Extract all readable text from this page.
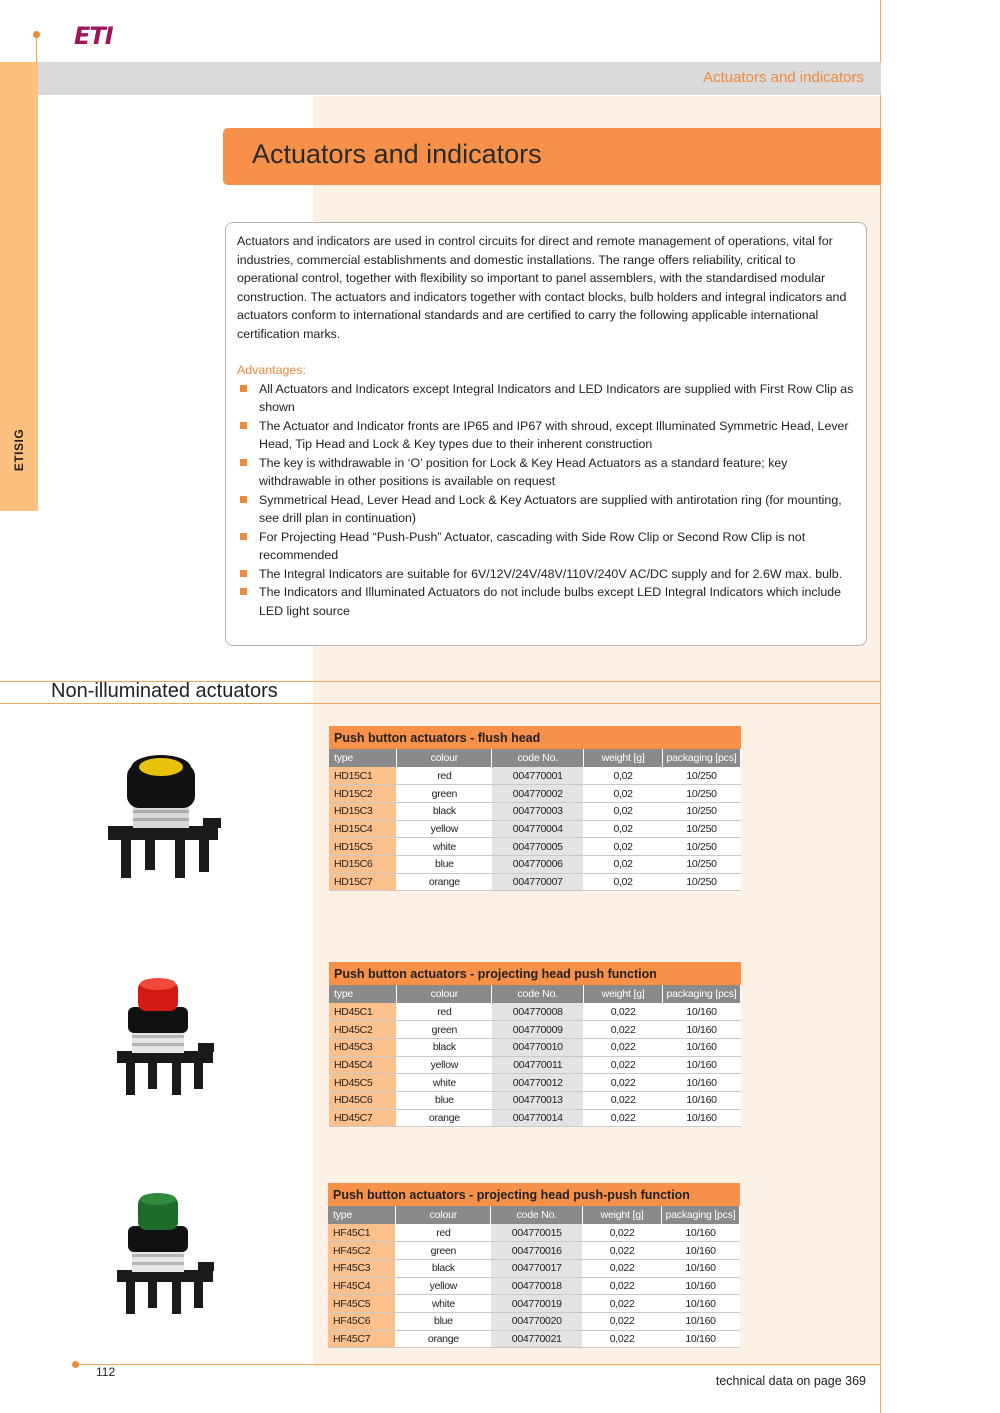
ETISIG
ETI
Actuators and indicators
Actuators and indicators

Actuators and indicators are used in control circuits for direct and remote management of operations, vital for industries, commercial establishments and domestic installations. The range offers reliability, critical to operational control, together with flexibility so important to panel assemblers, with the standardised modular construction. The actuators and indicators together with contact blocks, bulb holders and integral indicators and actuators conform to international standards and are certified to carry the following applicable international certification marks.

Advantages:
All Actuators and Indicators except Integral Indicators and LED Indicators are supplied with First Row Clip as shown
The Actuator and Indicator fronts are IP65 and IP67 with shroud, except Illuminated Symmetric Head, Lever Head, Tip Head and Lock & Key types due to their inherent construction
The key is withdrawable in ‘O’ position for Lock & Key Head Actuators as a standard feature; key withdrawable in other positions is available on request
Symmetrical Head, Lever Head and Lock & Key Actuators are supplied with antirotation ring (for mounting, see drill plan in continuation)
For Projecting Head “Push-Push” Actuator, cascading with Side Row Clip or Second Row Clip is not recommended
The Integral Indicators are suitable for 6V/12V/24V/48V/110V/240V AC/DC supply and for 2.6W max. bulb.
The Indicators and Illuminated Actuators do not include bulbs except LED Integral Indicators which include LED light source
Non-illuminated actuators
Push button actuators - flush head
type	colour	code No.	weight [g]	packaging [pcs]
HD15C1	red	004770001	0,02	10/250
HD15C2	green	004770002	0,02	10/250
HD15C3	black	004770003	0,02	10/250
HD15C4	yellow	004770004	0,02	10/250
HD15C5	white	004770005	0,02	10/250
HD15C6	blue	004770006	0,02	10/250
HD15C7	orange	004770007	0,02	10/250
Push button actuators - projecting head push function
type	colour	code No.	weight [g]	packaging [pcs]
HD45C1	red	004770008	0,022	10/160
HD45C2	green	004770009	0,022	10/160
HD45C3	black	004770010	0,022	10/160
HD45C4	yellow	004770011	0,022	10/160
HD45C5	white	004770012	0,022	10/160
HD45C6	blue	004770013	0,022	10/160
HD45C7	orange	004770014	0,022	10/160
Push button actuators - projecting head push-push function
type	colour	code No.	weight [g]	packaging [pcs]
HF45C1	red	004770015	0,022	10/160
HF45C2	green	004770016	0,022	10/160
HF45C3	black	004770017	0,022	10/160
HF45C4	yellow	004770018	0,022	10/160
HF45C5	white	004770019	0,022	10/160
HF45C6	blue	004770020	0,022	10/160
HF45C7	orange	004770021	0,022	10/160
112
technical data on page 369
